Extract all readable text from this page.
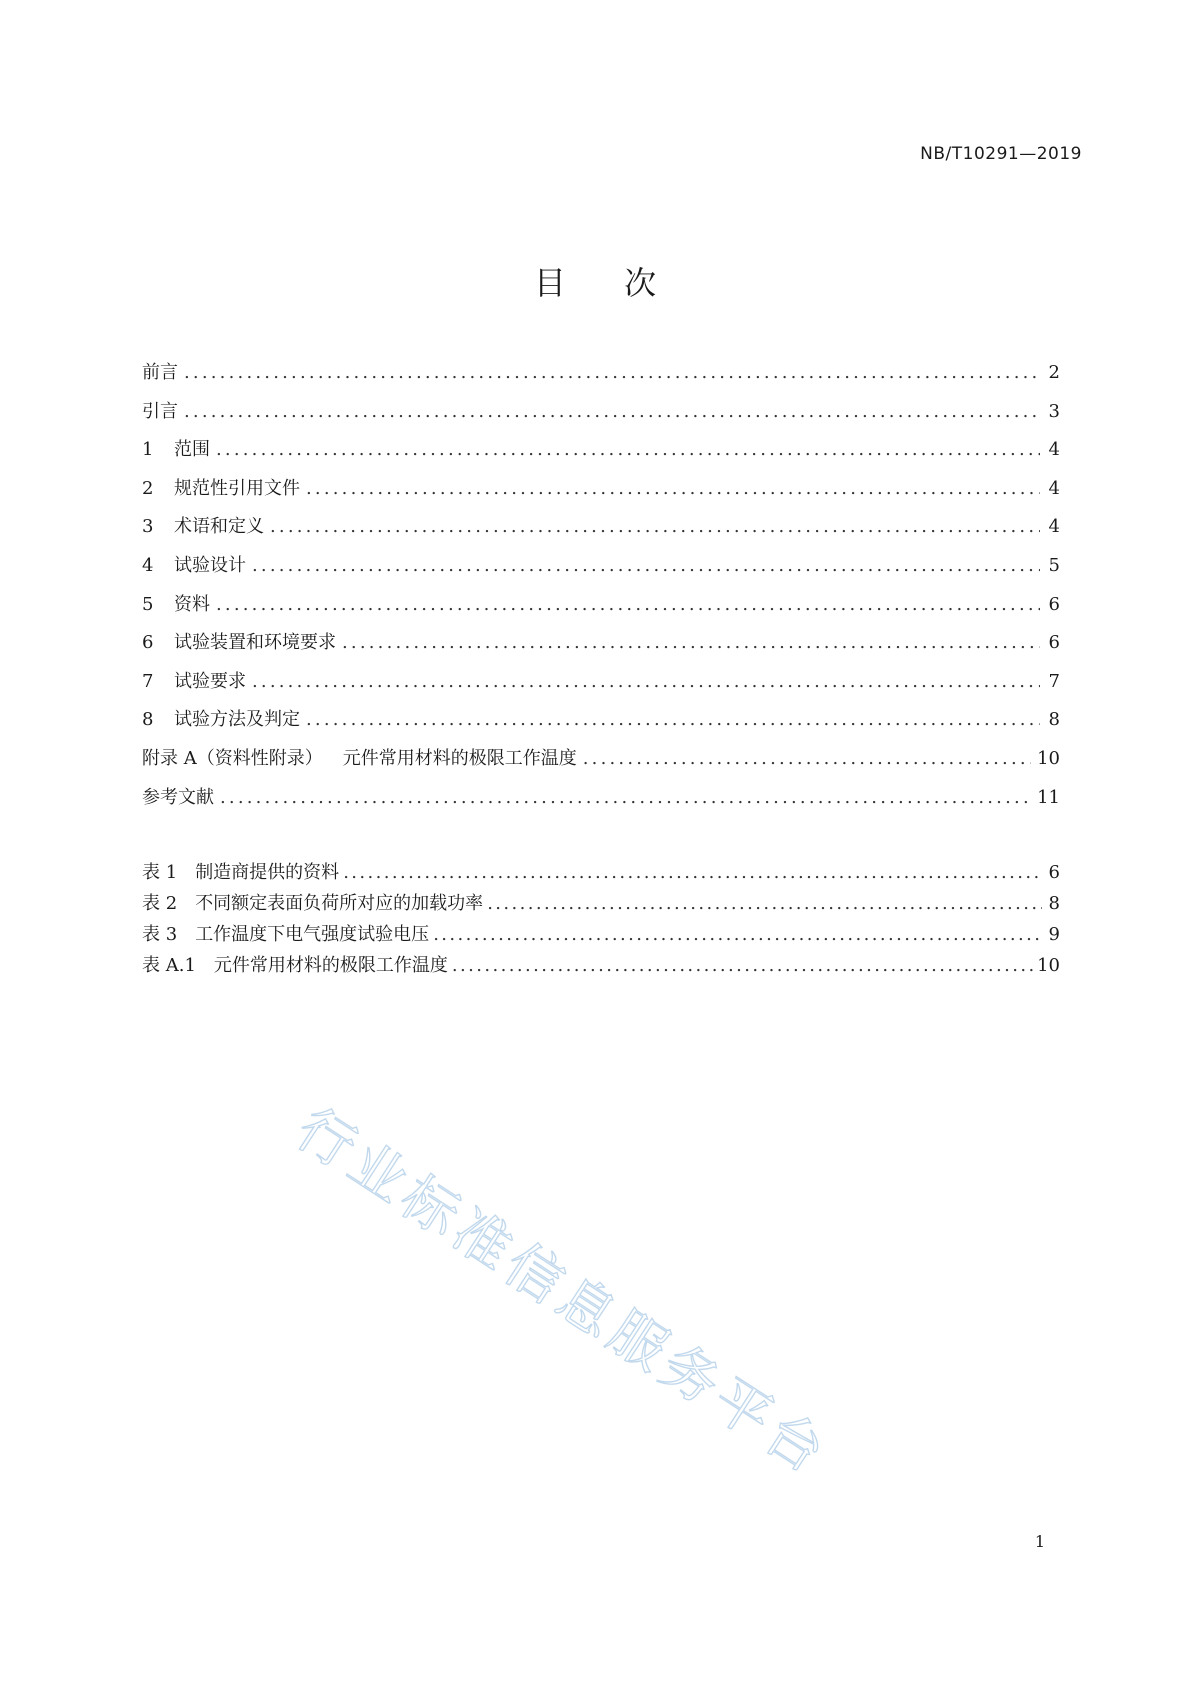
NB/T10291—2019
目 次
前言 .....	2
引言 .....	3
1	范围 .....	4
2	规范性引用文件 .....	4
3	术语和定义 .....	4
4	试验设计 .....	5
5	资料 .....	6
6	试验装置和环境要求 .....	6
7	试验要求 .....	7
8	试验方法及判定 .....	8
附录 A（资料性附录） 元件常用材料的极限工作温度 .....	10
参考文献 .....	11
表 1 制造商提供的资料 .....	6
表 2 不同额定表面负荷所对应的加载功率 .....	8
表 3 工作温度下电气强度试验电压 .....	9
表 A.1 元件常用材料的极限工作温度 .....	10
行业标准信息服务平台
1
